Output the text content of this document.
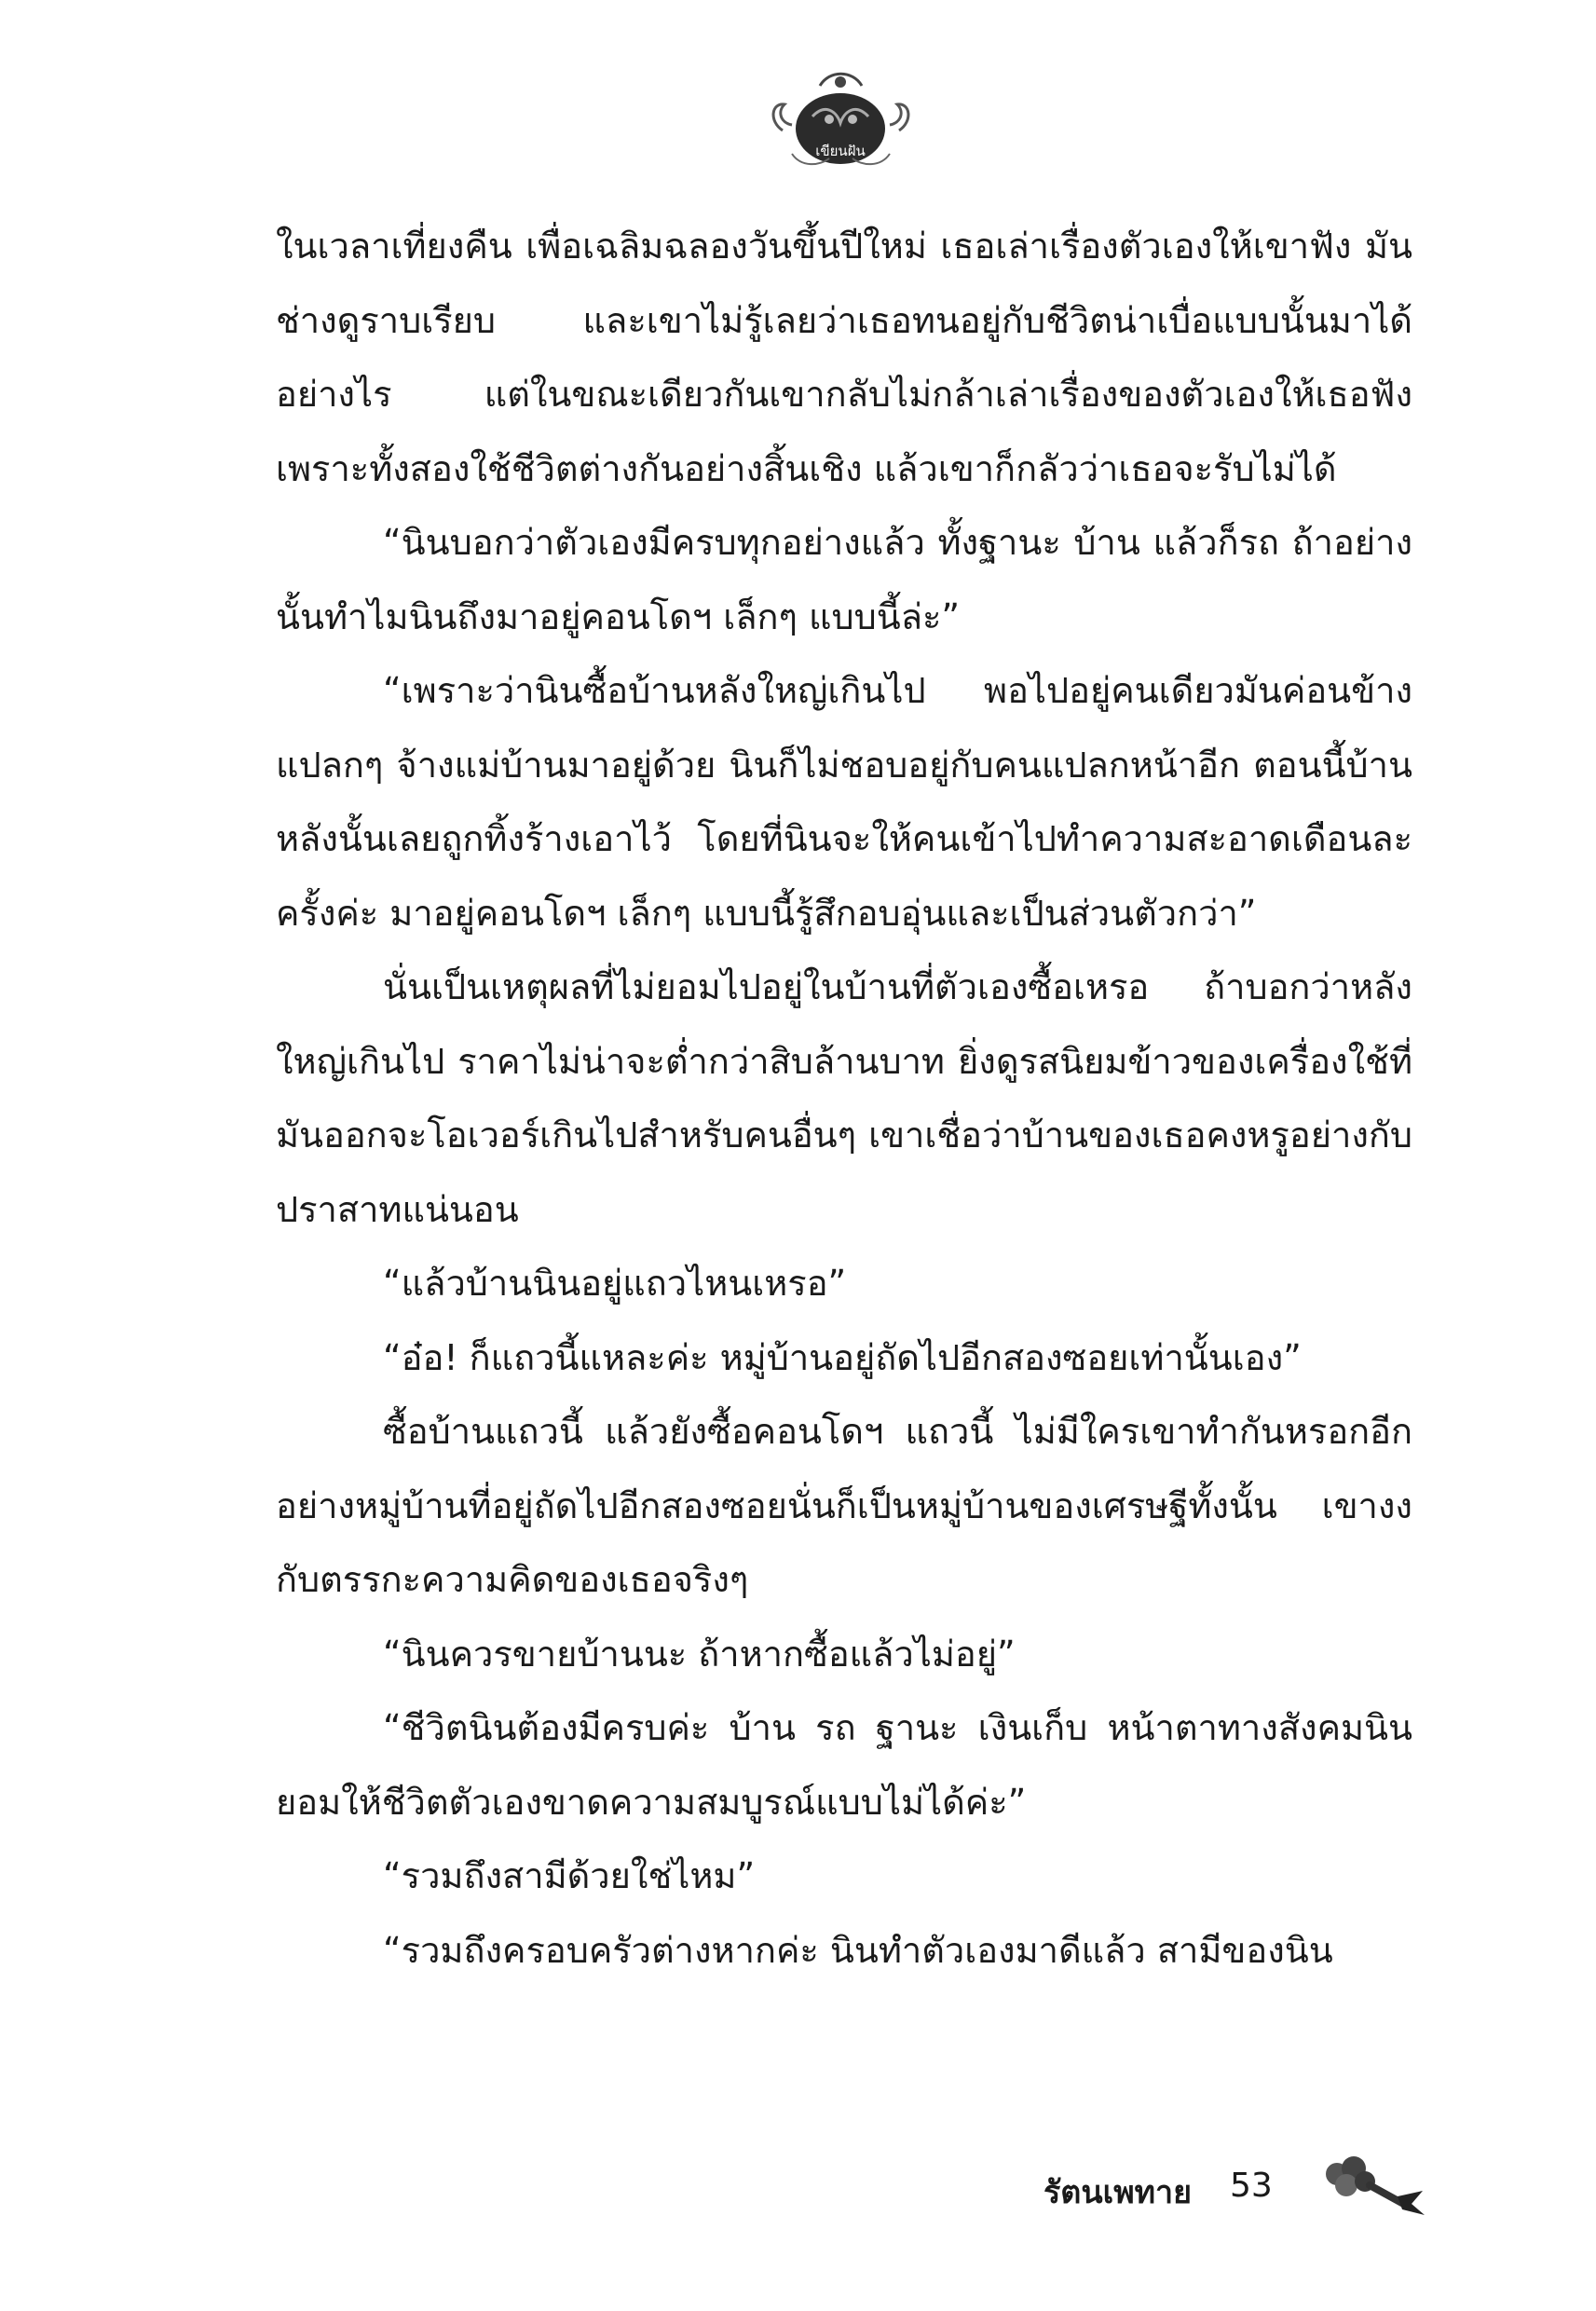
เขียนฝัน

ในเวลาเที่ยงคืน เพื่อเฉลิมฉลองวันขึ้นปีใหม่ เธอเล่าเรื่องตัวเองให้เขาฟัง มันช่างดูราบเรียบ และเขาไม่รู้เลยว่าเธอทนอยู่กับชีวิตน่าเบื่อแบบนั้นมาได้อย่างไร แต่ในขณะเดียวกันเขากลับไม่กล้าเล่าเรื่องของตัวเองให้เธอฟัง เพราะทั้งสองใช้ชีวิตต่างกันอย่างสิ้นเชิง แล้วเขาก็กลัวว่าเธอจะรับไม่ได้

“นินบอกว่าตัวเองมีครบทุกอย่างแล้ว ทั้งฐานะ บ้าน แล้วก็รถ ถ้าอย่างนั้นทำไมนินถึงมาอยู่คอนโดฯ เล็กๆ แบบนี้ล่ะ”

“เพราะว่านินซื้อบ้านหลังใหญ่เกินไป พอไปอยู่คนเดียวมันค่อนข้างแปลกๆ จ้างแม่บ้านมาอยู่ด้วย นินก็ไม่ชอบอยู่กับคนแปลกหน้าอีก ตอนนี้บ้านหลังนั้นเลยถูกทิ้งร้างเอาไว้ โดยที่นินจะให้คนเข้าไปทำความสะอาดเดือนละครั้งค่ะ มาอยู่คอนโดฯ เล็กๆ แบบนี้รู้สึกอบอุ่นและเป็นส่วนตัวกว่า”

นั่นเป็นเหตุผลที่ไม่ยอมไปอยู่ในบ้านที่ตัวเองซื้อเหรอ ถ้าบอกว่าหลังใหญ่เกินไป ราคาไม่น่าจะต่ำกว่าสิบล้านบาท ยิ่งดูรสนิยมข้าวของเครื่องใช้ที่มันออกจะโอเวอร์เกินไปสำหรับคนอื่นๆ เขาเชื่อว่าบ้านของเธอคงหรูอย่างกับปราสาทแน่นอน

“แล้วบ้านนินอยู่แถวไหนเหรอ”

“อ๋อ! ก็แถวนี้แหละค่ะ หมู่บ้านอยู่ถัดไปอีกสองซอยเท่านั้นเอง”

ซื้อบ้านแถวนี้ แล้วยังซื้อคอนโดฯ แถวนี้ ไม่มีใครเขาทำกันหรอกอีกอย่างหมู่บ้านที่อยู่ถัดไปอีกสองซอยนั่นก็เป็นหมู่บ้านของเศรษฐีทั้งนั้น เขางงกับตรรกะความคิดของเธอจริงๆ

“นินควรขายบ้านนะ ถ้าหากซื้อแล้วไม่อยู่”

“ชีวิตนินต้องมีครบค่ะ บ้าน รถ ฐานะ เงินเก็บ หน้าตาทางสังคมนินยอมให้ชีวิตตัวเองขาดความสมบูรณ์แบบไม่ได้ค่ะ”

“รวมถึงสามีด้วยใช่ไหม”

“รวมถึงครอบครัวต่างหากค่ะ นินทำตัวเองมาดีแล้ว สามีของนิน

รัตนเพทาย 53
